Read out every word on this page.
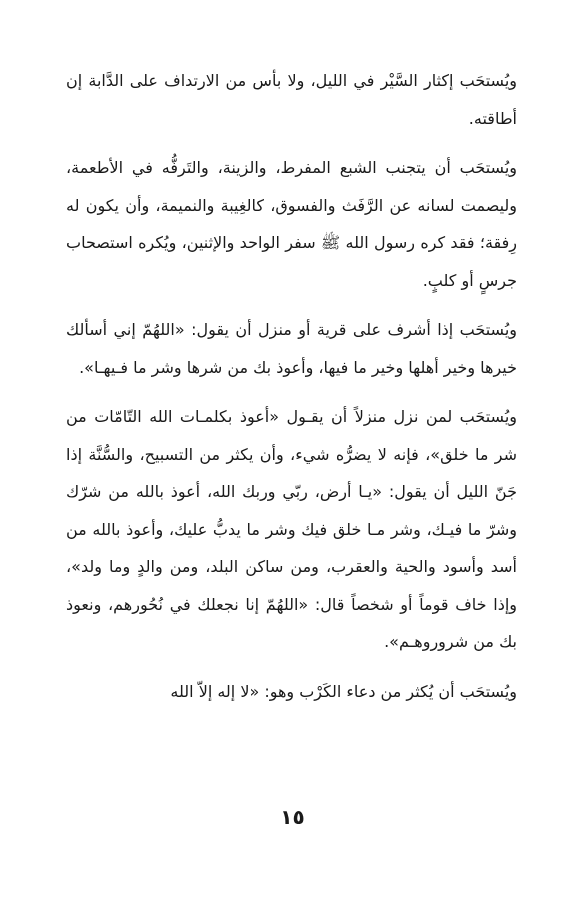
ويُستحَب إكثار السَّيْر في الليل، ولا بأس من الارتداف على الدَّابة إن أطاقته.

ويُستحَب أن يتجنب الشبع المفرط، والزينة، والتَرفُّه في الأطعمة، وليصمت لسانه عن الرَّفَث والفسوق، كالغِيبة والنميمة، وأن يكون له رِفقة؛ فقد كره رسول الله ﷺ سفر الواحد والإثنين، ويُكره استصحاب جرسٍ أو كلبٍ.

ويُستحَب إذا أشرف على قرية أو منزل أن يقول: «اللهُمّ إني أسألك خيرها وخير أهلها وخير ما فيها، وأعوذ بك من شرها وشر ما فـيهـا».

ويُستحَب لمن نزل منزلاً أن يقـول «أعوذ بكلمـات الله التّامّات من شر ما خلق»، فإنه لا يضرُّه شيء، وأن يكثر من التسبيح، والسُّنَّة إذا جَنّ الليل أن يقول: «يـا أرض، ربّي وربك الله، أعوذ بالله من شرّك وشرّ ما فيـك، وشر مـا خلق فيك وشر ما يدبُّ عليك، وأعوذ بالله من أسد وأسود والحية والعقرب، ومن ساكن البلد، ومن والدٍ وما ولد»، وإذا خاف قوماً أو شخصاً قال: «اللهُمّ إنا نجعلك في نُحُورهم، ونعوذ بك من شروروهـم».

ويُستحَب أن يُكثر من دعاء الكَرْب وهو: «لا إله إلاّ الله

١٥
